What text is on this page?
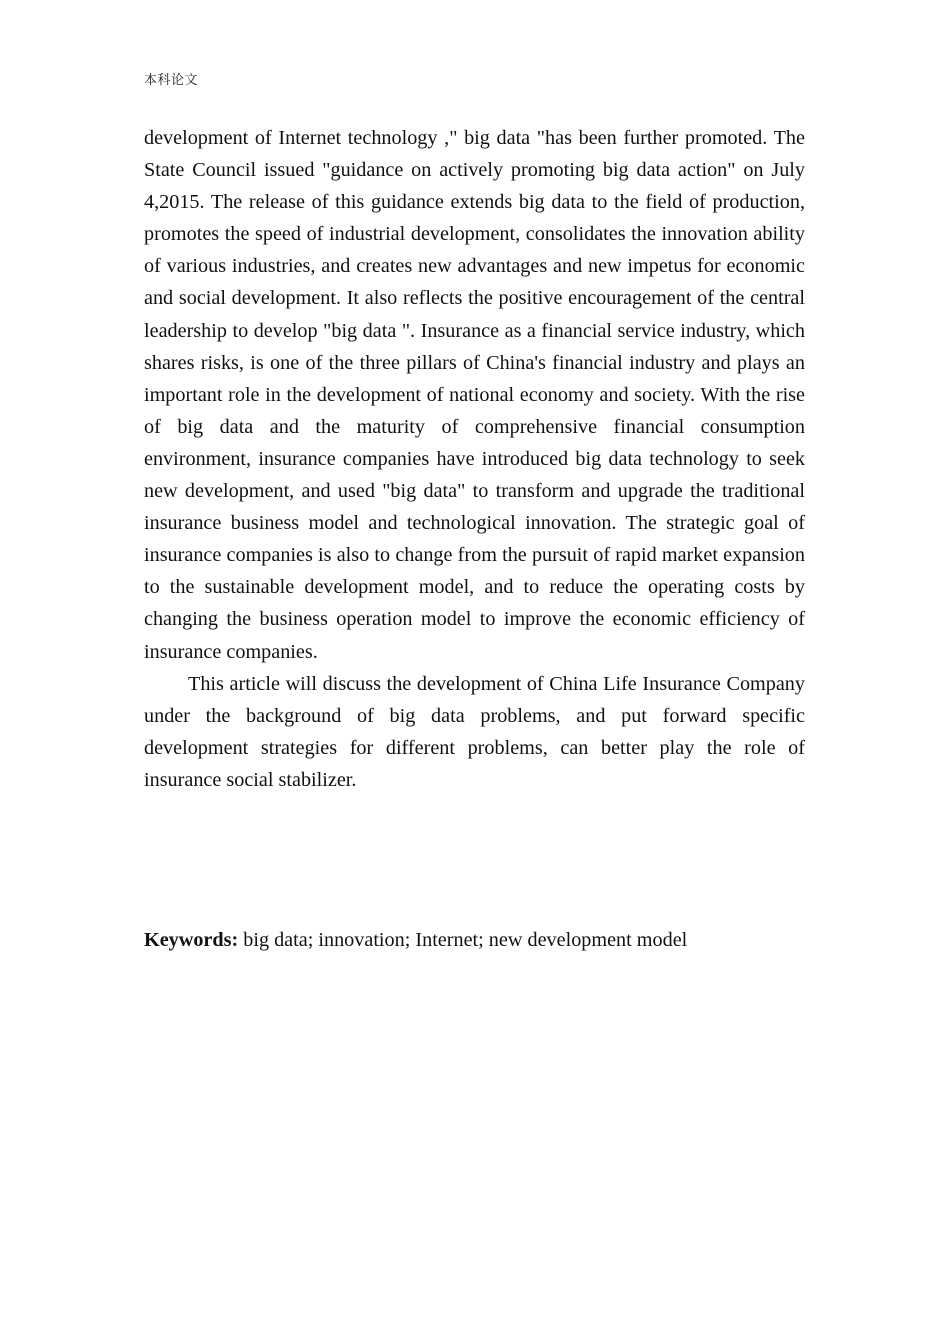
本科论文

development of Internet technology ," big data "has been further promoted. The State Council issued "guidance on actively promoting big data action" on July 4,2015. The release of this guidance extends big data to the field of production, promotes the speed of industrial development, consolidates the innovation ability of various industries, and creates new advantages and new impetus for economic and social development. It also reflects the positive encouragement of the central leadership to develop "big data ". Insurance as a financial service industry, which shares risks, is one of the three pillars of China's financial industry and plays an important role in the development of national economy and society. With the rise of big data and the maturity of comprehensive financial consumption environment, insurance companies have introduced big data technology to seek new development, and used "big data" to transform and upgrade the traditional insurance business model and technological innovation. The strategic goal of insurance companies is also to change from the pursuit of rapid market expansion to the sustainable development model, and to reduce the operating costs by changing the business operation model to improve the economic efficiency of insurance companies.

This article will discuss the development of China Life Insurance Company under the background of big data problems, and put forward specific development strategies for different problems, can better play the role of insurance social stabilizer.

Keywords: big data; innovation; Internet; new development model
